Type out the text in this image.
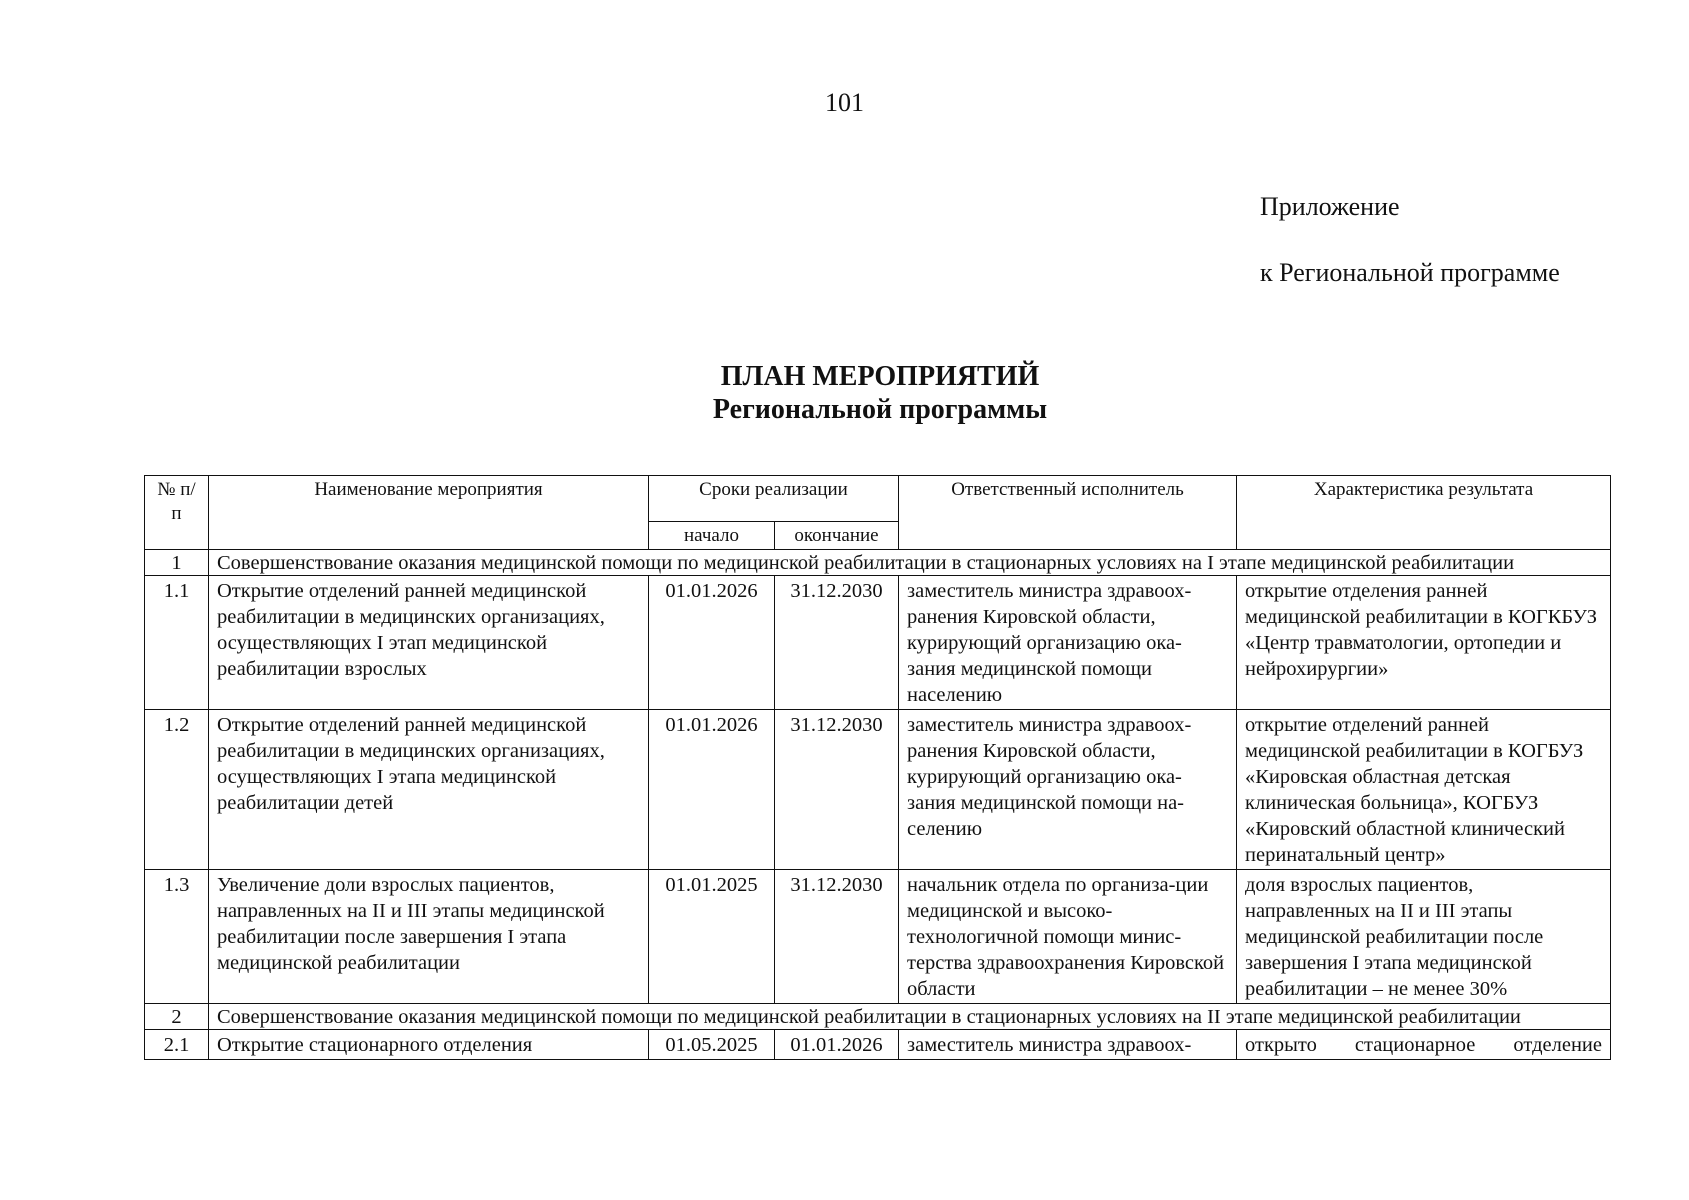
101
Приложение
к Региональной программе
ПЛАН МЕРОПРИЯТИЙ
Региональной программы
№ п/п	Наименование мероприятия	Сроки реализации		Ответственный исполнитель	Характеристика результата
		начало	окончание		
1	Совершенствование оказания медицинской помощи по медицинской реабилитации в стационарных условиях на I этапе медицинской реабилитации				
1.1	Открытие отделений ранней медицинской реабилитации в медицинских организациях, осуществляющих I этап медицинской реабилитации взрослых	01.01.2026	31.12.2030	заместитель министра здравоох-ранения Кировской области, курирующий организацию ока-зания медицинской помощи населению	открытие отделения ранней медицинской реабилитации в КОГКБУЗ «Центр травматологии, ортопедии и нейрохирургии»
1.2	Открытие отделений ранней медицинской реабилитации в медицинских организациях, осуществляющих I этапа медицинской реабилитации детей	01.01.2026	31.12.2030	заместитель министра здравоох-ранения Кировской области, курирующий организацию ока-зания медицинской помощи на-селению	открытие отделений ранней медицинской реабилитации в КОГБУЗ «Кировская областная детская клиническая больница», КОГБУЗ «Кировский областной клинический перинатальный центр»
1.3	Увеличение доли взрослых пациентов, направленных на II и III этапы медицинской реабилитации после завершения I этапа медицинской реабилитации	01.01.2025	31.12.2030	начальник отдела по организа-ции медицинской и высоко-технологичной помощи минис-терства здравоохранения Кировской области	доля взрослых пациентов, направленных на II и III этапы медицинской реабилитации после завершения I этапа медицинской реабилитации – не менее 30%
2	Совершенствование оказания медицинской помощи по медицинской реабилитации в стационарных условиях на II этапе медицинской реабилитации				
2.1	Открытие стационарного отделения	01.05.2025	01.01.2026	заместитель министра здравоох-	открыто стационарное отделение
